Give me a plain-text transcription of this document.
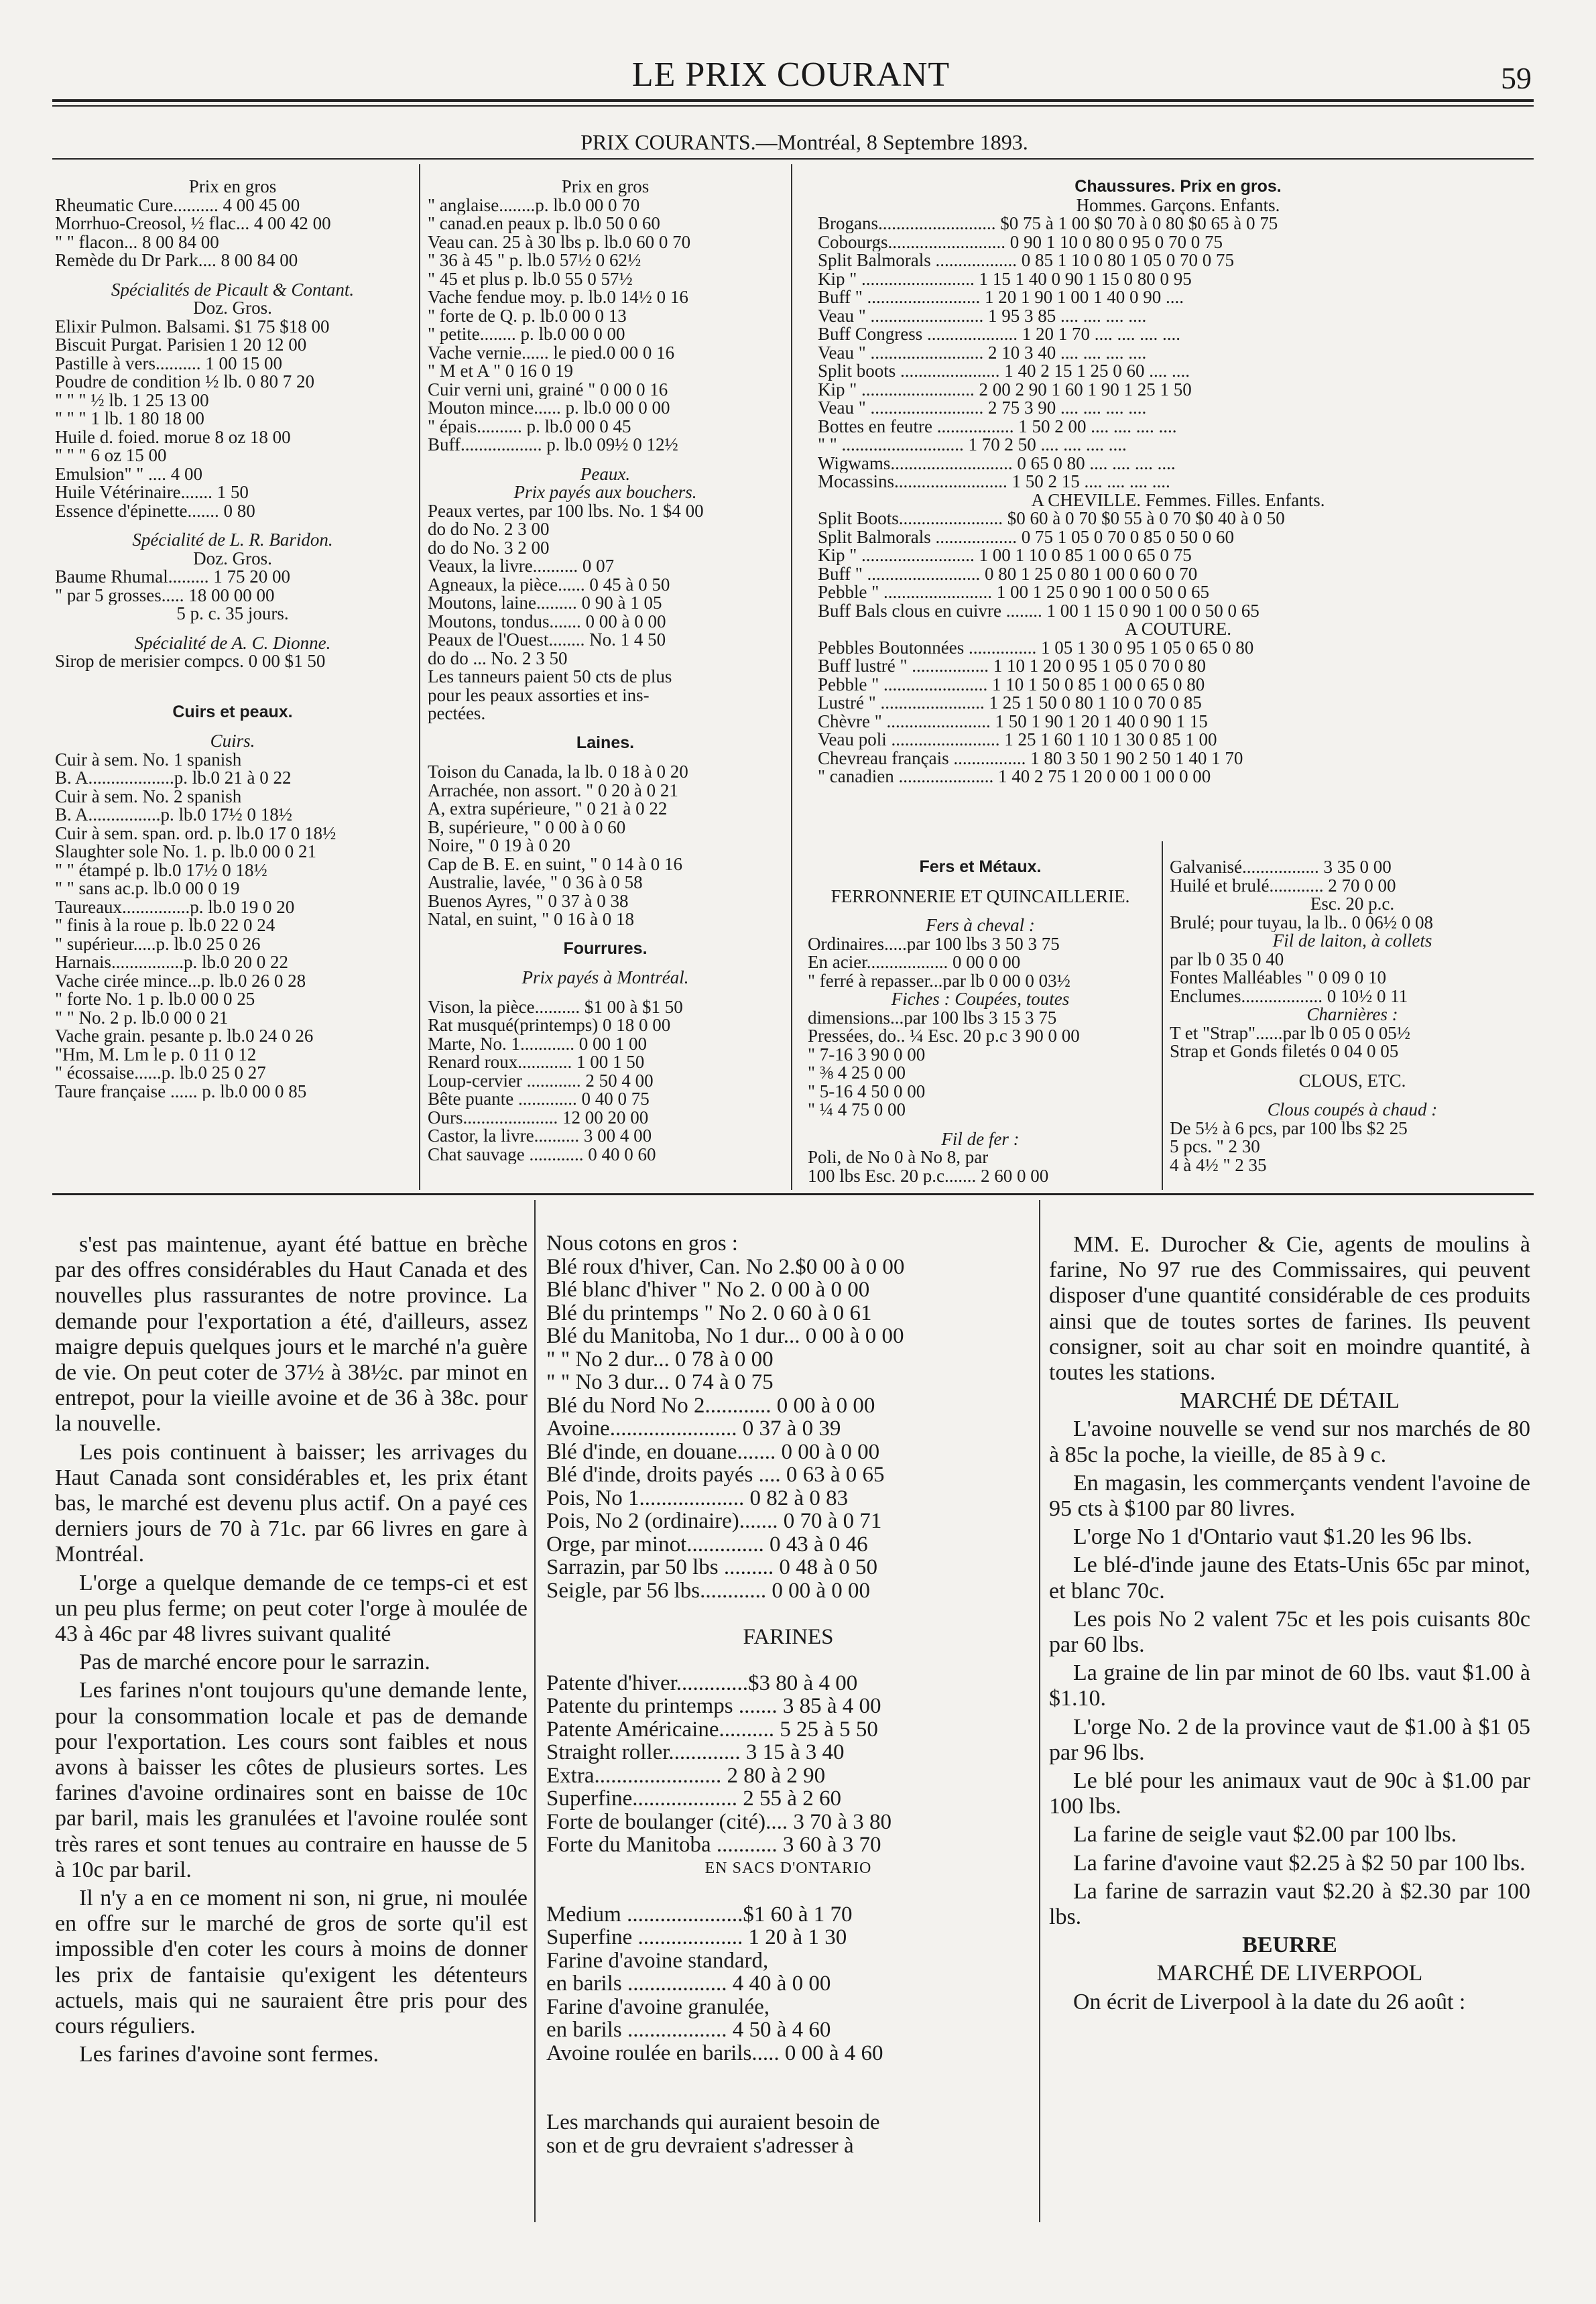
LE PRIX COURANT	59
PRIX COURANTS.—Montréal, 8 Septembre 1893.
Prix en gros
Rheumatic Cure.......... 4 00 45 00
Morrhuo-Creosol, ½ flac... 4 00 42 00
" " flacon... 8 00 84 00
Remède du Dr Park.... 8 00 84 00
Spécialités de Picault & Contant.
Doz. Gros.
Elixir Pulmon. Balsami. $1 75 $18 00
Biscuit Purgat. Parisien 1 20 12 00
Pastille à vers.......... 1 00 15 00
Poudre de condition ½ lb. 0 80 7 20
" " " ½ lb. 1 25 13 00
" " " 1 lb. 1 80 18 00
Huile d. foied. morue 8 oz 18 00
" " " 6 oz 15 00
Emulsion" " .... 4 00
Huile Vétérinaire....... 1 50
Essence d'épinette....... 0 80
Spécialité de L. R. Baridon.
Doz. Gros.
Baume Rhumal......... 1 75 20 00
" par 5 grosses..... 18 00 00 00
5 p. c. 35 jours.
Spécialité de A. C. Dionne.
Sirop de merisier compcs. 0 00 $1 50
Cuirs et peaux.
Cuirs.
Cuir à sem. No. 1 spanish
B. A...................p. lb.0 21 à 0 22
Cuir à sem. No. 2 spanish
B. A................p. lb.0 17½ 0 18½
Cuir à sem. span. ord. p. lb.0 17 0 18½
Slaughter sole No. 1. p. lb.0 00 0 21
" " étampé p. lb.0 17½ 0 18½
" " sans ac.p. lb.0 00 0 19
Taureaux...............p. lb.0 19 0 20
" finis à la roue p. lb.0 22 0 24
" supérieur.....p. lb.0 25 0 26
Harnais................p. lb.0 20 0 22
Vache cirée mince...p. lb.0 26 0 28
" forte No. 1 p. lb.0 00 0 25
" " No. 2 p. lb.0 00 0 21
Vache grain. pesante p. lb.0 24 0 26
"Hm, M. Lm le p. 0 11 0 12
" écossaise......p. lb.0 25 0 27
Taure française ...... p. lb.0 00 0 85
Prix en gros
" anglaise........p. lb.0 00 0 70
" canad.en peaux p. lb.0 50 0 60
Veau can. 25 à 30 lbs p. lb.0 60 0 70
" 36 à 45 " p. lb.0 57½ 0 62½
" 45 et plus p. lb.0 55 0 57½
Vache fendue moy. p. lb.0 14½ 0 16
" forte de Q. p. lb.0 00 0 13
" petite........ p. lb.0 00 0 00
Vache vernie...... le pied.0 00 0 16
" M et A " 0 16 0 19
Cuir verni uni, grainé " 0 00 0 16
Mouton mince...... p. lb.0 00 0 00
" épais.......... p. lb.0 00 0 45
Buff.................. p. lb.0 09½ 0 12½
Peaux.
Prix payés aux bouchers.
Peaux vertes, par 100 lbs. No. 1 $4 00
do do No. 2 3 00
do do No. 3 2 00
Veaux, la livre.......... 0 07
Agneaux, la pièce...... 0 45 à 0 50
Moutons, laine......... 0 90 à 1 05
Moutons, tondus....... 0 00 à 0 00
Peaux de l'Ouest........ No. 1 4 50
do do ... No. 2 3 50
Les tanneurs paient 50 cts de plus
pour les peaux assorties et ins-
pectées.
Laines.
Toison du Canada, la lb. 0 18 à 0 20
Arrachée, non assort. " 0 20 à 0 21
A, extra supérieure, " 0 21 à 0 22
B, supérieure, " 0 00 à 0 60
Noire, " 0 19 à 0 20
Cap de B. E. en suint, " 0 14 à 0 16
Australie, lavée, " 0 36 à 0 58
Buenos Ayres, " 0 37 à 0 38
Natal, en suint, " 0 16 à 0 18
Fourrures.
Prix payés à Montréal.
Vison, la pièce.......... $1 00 à $1 50
Rat musqué(printemps) 0 18 0 00
Marte, No. 1............ 0 00 1 00
Renard roux............ 1 00 1 50
Loup-cervier ............ 2 50 4 00
Bête puante ............. 0 40 0 75
Ours..................... 12 00 20 00
Castor, la livre.......... 3 00 4 00
Chat sauvage ............ 0 40 0 60
Chaussures. Prix en gros.
Hommes. Garçons. Enfants.
Brogans.......................... $0 75 à 1 00 $0 70 à 0 80 $0 65 à 0 75
Cobourgs.......................... 0 90 1 10 0 80 0 95 0 70 0 75
Split Balmorals .................. 0 85 1 10 0 80 1 05 0 70 0 75
Kip " ......................... 1 15 1 40 0 90 1 15 0 80 0 95
Buff " ......................... 1 20 1 90 1 00 1 40 0 90 ....
Veau " ......................... 1 95 3 85 .... .... .... ....
Buff Congress .................... 1 20 1 70 .... .... .... ....
Veau " ......................... 2 10 3 40 .... .... .... ....
Split boots ...................... 1 40 2 15 1 25 0 60 .... ....
Kip " ......................... 2 00 2 90 1 60 1 90 1 25 1 50
Veau " ......................... 2 75 3 90 .... .... .... ....
Bottes en feutre ................. 1 50 2 00 .... .... .... ....
" " ........................... 1 70 2 50 .... .... .... ....
Wigwams........................... 0 65 0 80 .... .... .... ....
Mocassins......................... 1 50 2 15 .... .... .... ....
A CHEVILLE. Femmes. Filles. Enfants.
Split Boots....................... $0 60 à 0 70 $0 55 à 0 70 $0 40 à 0 50
Split Balmorals .................. 0 75 1 05 0 70 0 85 0 50 0 60
Kip " ......................... 1 00 1 10 0 85 1 00 0 65 0 75
Buff " ......................... 0 80 1 25 0 80 1 00 0 60 0 70
Pebble " ........................ 1 00 1 25 0 90 1 00 0 50 0 65
Buff Bals clous en cuivre ........ 1 00 1 15 0 90 1 00 0 50 0 65
A COUTURE.
Pebbles Boutonnées ............... 1 05 1 30 0 95 1 05 0 65 0 80
Buff lustré " ................. 1 10 1 20 0 95 1 05 0 70 0 80
Pebble " ....................... 1 10 1 50 0 85 1 00 0 65 0 80
Lustré " ....................... 1 25 1 50 0 80 1 10 0 70 0 85
Chèvre " ....................... 1 50 1 90 1 20 1 40 0 90 1 15
Veau poli ........................ 1 25 1 60 1 10 1 30 0 85 1 00
Chevreau français ................ 1 80 3 50 1 90 2 50 1 40 1 70
" canadien ..................... 1 40 2 75 1 20 0 00 1 00 0 00
Fers et Métaux.
FERRONNERIE ET QUINCAILLERIE.
Fers à cheval :
Ordinaires.....par 100 lbs 3 50 3 75
En acier.................. 0 00 0 00
" ferré à repasser...par lb 0 00 0 03½
Fiches : Coupées, toutes
dimensions...par 100 lbs 3 15 3 75
Pressées, do.. ¼ Esc. 20 p.c 3 90 0 00
" 7-16 3 90 0 00
" ⅜ 4 25 0 00
" 5-16 4 50 0 00
" ¼ 4 75 0 00
Fil de fer :
Poli, de No 0 à No 8, par
100 lbs Esc. 20 p.c....... 2 60 0 00
Galvanisé................. 3 35 0 00
Huilé et brulé............ 2 70 0 00
Esc. 20 p.c.
Brulé; pour tuyau, la lb.. 0 06½ 0 08
Fil de laiton, à collets
par lb 0 35 0 40
Fontes Malléables " 0 09 0 10
Enclumes.................. 0 10½ 0 11
Charnières :
T et "Strap"......par lb 0 05 0 05½
Strap et Gonds filetés 0 04 0 05
CLOUS, ETC.
Clous coupés à chaud :
De 5½ à 6 pcs, par 100 lbs $2 25
5 pcs. " 2 30
4 à 4½ " 2 35

s'est pas maintenue, ayant été battue en brèche par des offres considérables du Haut Canada et des nouvelles plus rassurantes de notre province. La demande pour l'exportation a été, d'ailleurs, assez maigre depuis quelques jours et le marché n'a guère de vie. On peut coter de 37½ à 38½c. par minot en entrepot, pour la vieille avoine et de 36 à 38c. pour la nouvelle.

Les pois continuent à baisser; les arrivages du Haut Canada sont considérables et, les prix étant bas, le marché est devenu plus actif. On a payé ces derniers jours de 70 à 71c. par 66 livres en gare à Montréal.

L'orge a quelque demande de ce temps-ci et est un peu plus ferme; on peut coter l'orge à moulée de 43 à 46c par 48 livres suivant qualité

Pas de marché encore pour le sarrazin.

Les farines n'ont toujours qu'une demande lente, pour la consommation locale et pas de demande pour l'exportation. Les cours sont faibles et nous avons à baisser les côtes de plusieurs sortes. Les farines d'avoine ordinaires sont en baisse de 10c par baril, mais les granulées et l'avoine roulée sont très rares et sont tenues au contraire en hausse de 5 à 10c par baril.

Il n'y a en ce moment ni son, ni grue, ni moulée en offre sur le marché de gros de sorte qu'il est impossible d'en coter les cours à moins de donner les prix de fantaisie qu'exigent les détenteurs actuels, mais qui ne sauraient être pris pour des cours réguliers.

Les farines d'avoine sont fermes.

Nous cotons en gros :
Blé roux d'hiver, Can. No 2.$0 00 à 0 00
Blé blanc d'hiver " No 2. 0 00 à 0 00
Blé du printemps " No 2. 0 60 à 0 61
Blé du Manitoba, No 1 dur... 0 00 à 0 00
" " No 2 dur... 0 78 à 0 00
" " No 3 dur... 0 74 à 0 75
Blé du Nord No 2............ 0 00 à 0 00
Avoine....................... 0 37 à 0 39
Blé d'inde, en douane....... 0 00 à 0 00
Blé d'inde, droits payés .... 0 63 à 0 65
Pois, No 1................... 0 82 à 0 83
Pois, No 2 (ordinaire)....... 0 70 à 0 71
Orge, par minot.............. 0 43 à 0 46
Sarrazin, par 50 lbs ......... 0 48 à 0 50
Seigle, par 56 lbs............ 0 00 à 0 00
FARINES
Patente d'hiver.............$3 80 à 4 00
Patente du printemps ....... 3 85 à 4 00
Patente Américaine.......... 5 25 à 5 50
Straight roller............. 3 15 à 3 40
Extra....................... 2 80 à 2 90
Superfine................... 2 55 à 2 60
Forte de boulanger (cité).... 3 70 à 3 80
Forte du Manitoba ........... 3 60 à 3 70
EN SACS D'ONTARIO
Medium .....................$1 60 à 1 70
Superfine ................... 1 20 à 1 30
Farine d'avoine standard,
en barils .................. 4 40 à 0 00
Farine d'avoine granulée,
en barils .................. 4 50 à 4 60
Avoine roulée en barils..... 0 00 à 4 60
Les marchands qui auraient besoin de
son et de gru devraient s'adresser à

MM. E. Durocher & Cie, agents de moulins à farine, No 97 rue des Commissaires, qui peuvent disposer d'une quantité considérable de ces produits ainsi que de toutes sortes de farines. Ils peuvent consigner, soit au char soit en moindre quantité, à toutes les stations.

MARCHÉ DE DÉTAIL

L'avoine nouvelle se vend sur nos marchés de 80 à 85c la poche, la vieille, de 85 à 9 c.

En magasin, les commerçants vendent l'avoine de 95 cts à $100 par 80 livres.

L'orge No 1 d'Ontario vaut $1.20 les 96 lbs.

Le blé-d'inde jaune des Etats-Unis 65c par minot, et blanc 70c.

Les pois No 2 valent 75c et les pois cuisants 80c par 60 lbs.

La graine de lin par minot de 60 lbs. vaut $1.00 à $1.10.

L'orge No. 2 de la province vaut de $1.00 à $1 05 par 96 lbs.

Le blé pour les animaux vaut de 90c à $1.00 par 100 lbs.

La farine de seigle vaut $2.00 par 100 lbs.

La farine d'avoine vaut $2.25 à $2 50 par 100 lbs.

La farine de sarrazin vaut $2.20 à $2.30 par 100 lbs.

BEURRE

MARCHÉ DE LIVERPOOL

On écrit de Liverpool à la date du 26 août :
